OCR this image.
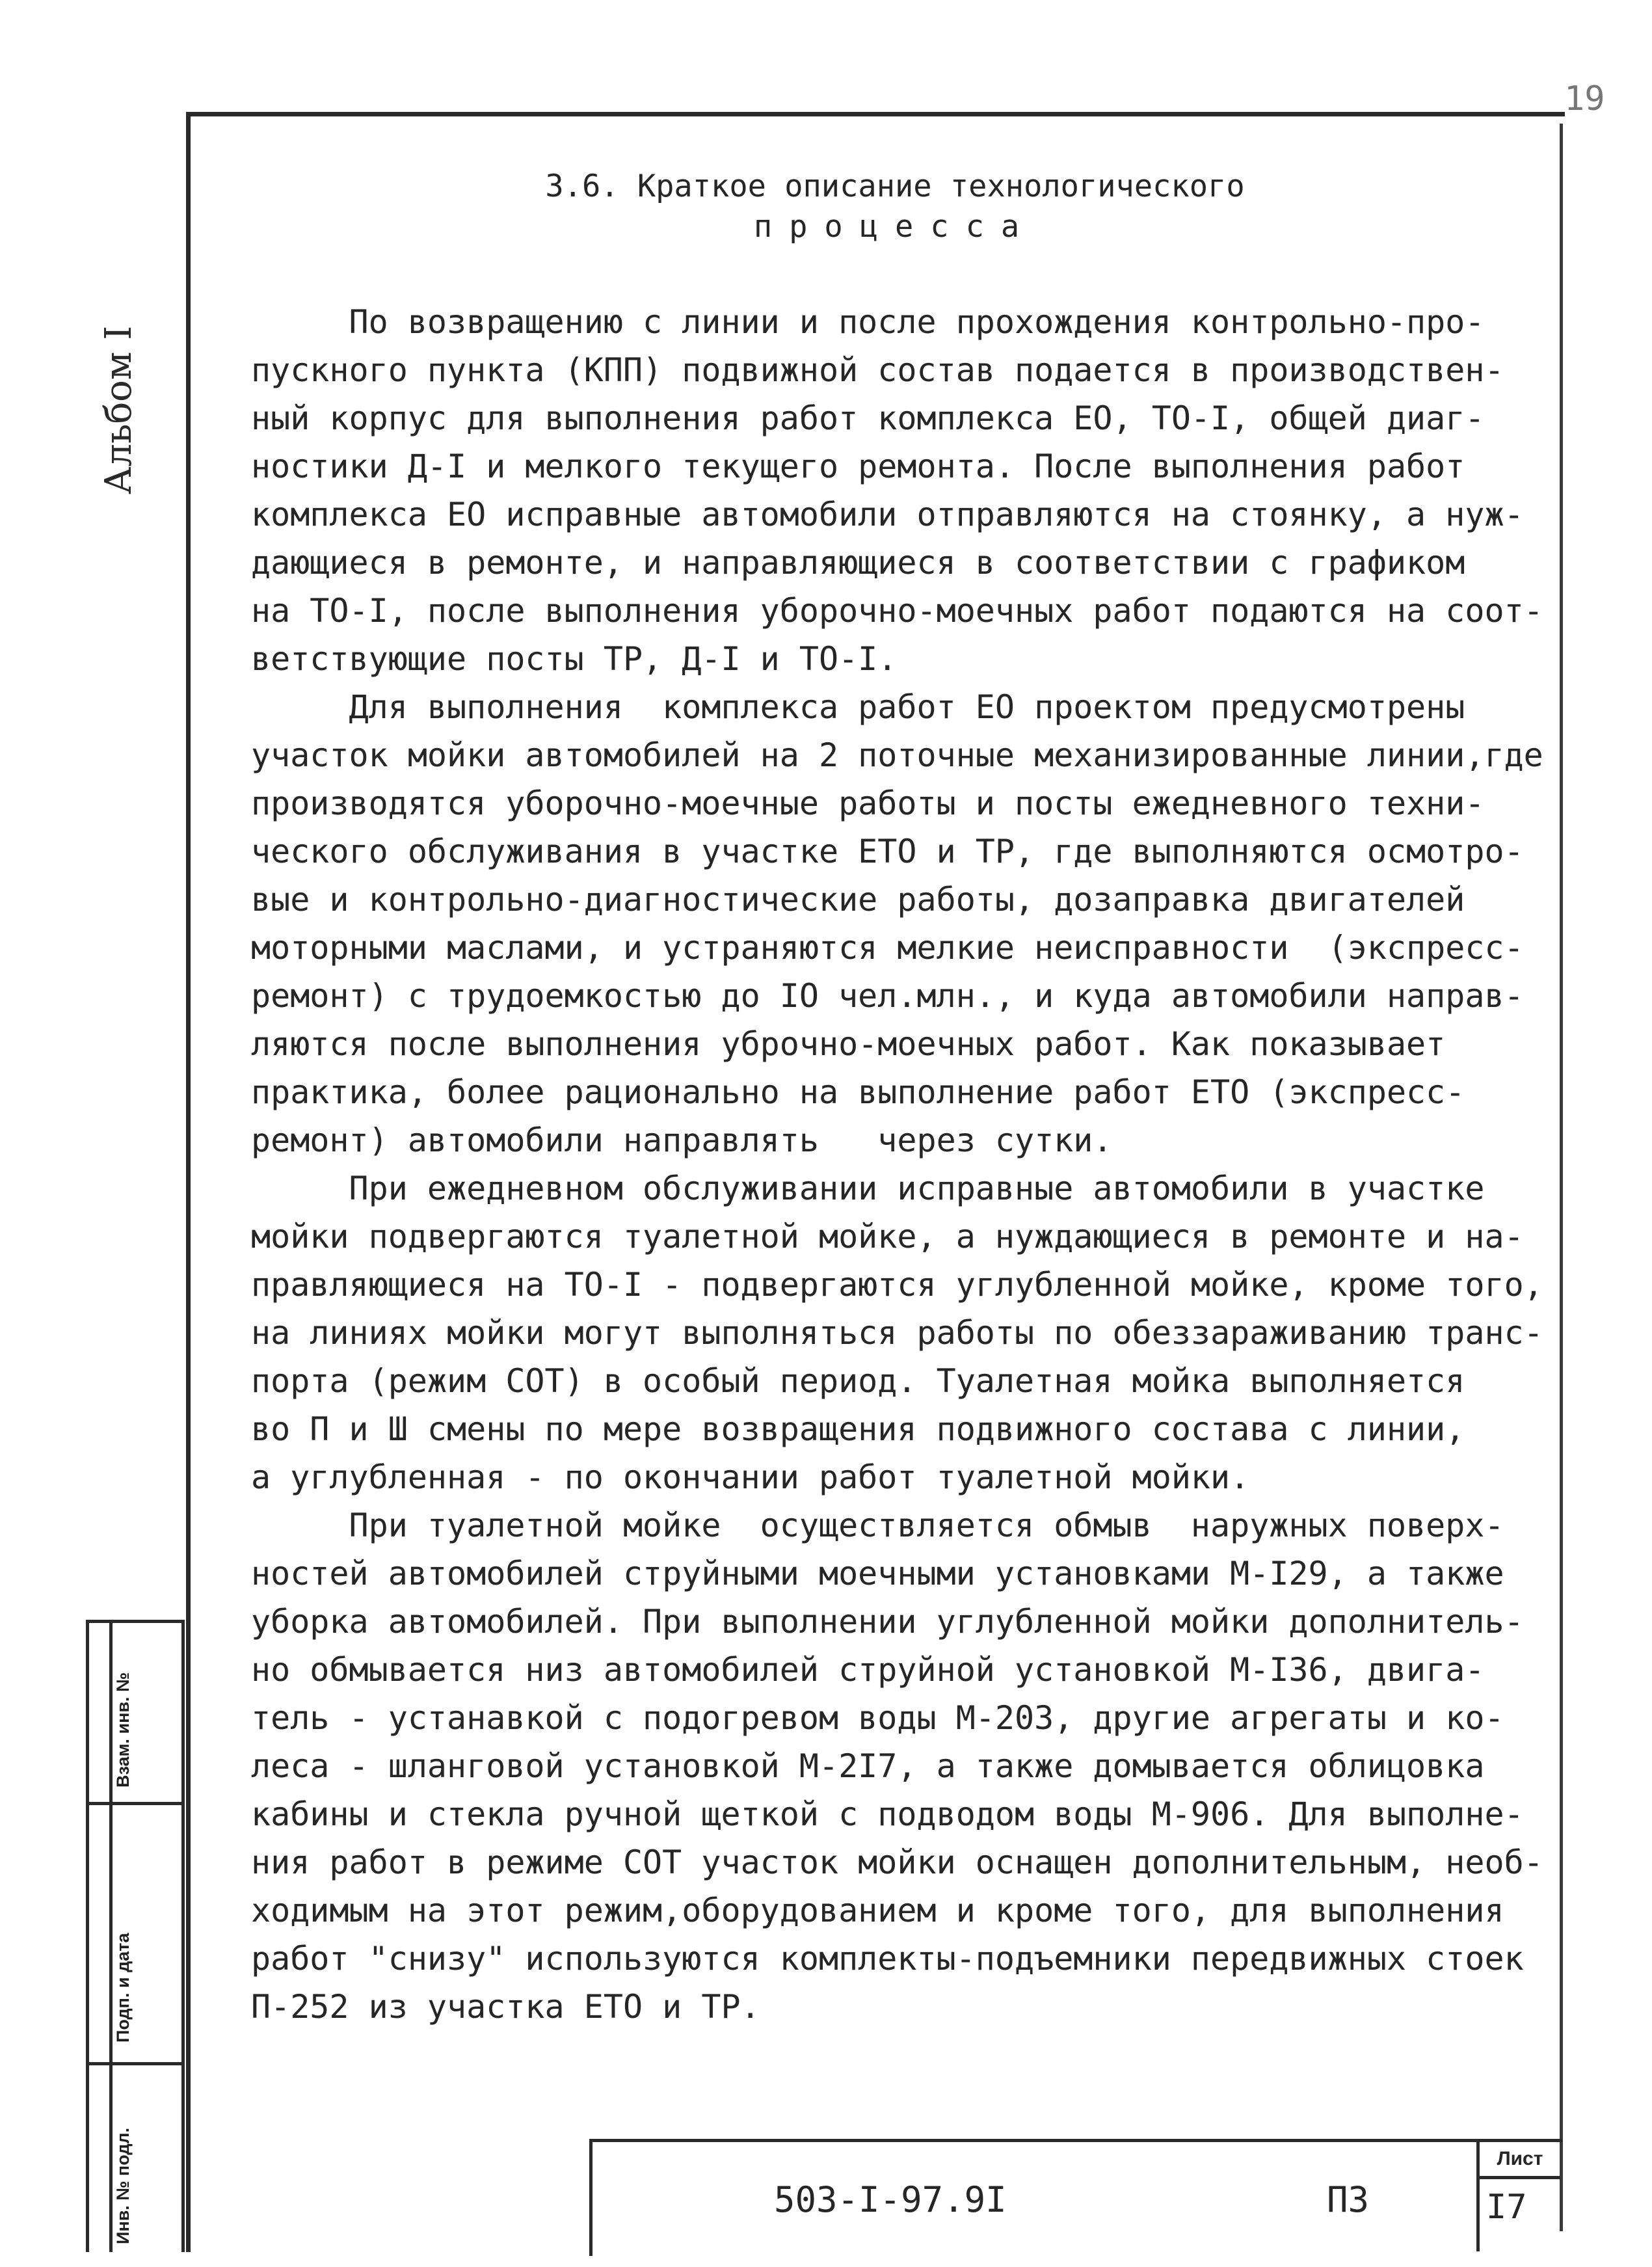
19
Альбом I
Взам. инв. №
Подп. и дата
Инв. № подл.
3.6. Краткое описание технологического
процесса

По возвращению с линии и после прохождения контрольно-про-
пускного пункта (КПП) подвижной состав подается в производствен-
ный корпус для выполнения работ комплекса ЕО, ТО-I, общей диаг-
ностики Д-I и мелкого текущего ремонта. После выполнения работ
комплекса ЕО исправные автомобили отправляются на стоянку, а нуж-
дающиеся в ремонте, и направляющиеся в соответствии с графиком
на ТО-I, после выполнения уборочно-моечных работ подаются на соот-
ветствующие посты ТР, Д-I и ТО-I.

Для выполнения  комплекса работ ЕО проектом предусмотрены
участок мойки автомобилей на 2 поточные механизированные линии,где
производятся уборочно-моечные работы и посты ежедневного техни-
ческого обслуживания в участке ЕТО и ТР, где выполняются осмотро-
вые и контрольно-диагностические работы, дозаправка двигателей
моторными маслами, и устраняются мелкие неисправности  (экспресс-
ремонт) с трудоемкостью до IO чел.млн., и куда автомобили направ-
ляются после выполнения уброчно-моечных работ. Как показывает
практика, более рационально на выполнение работ ЕТО (экспресс-
ремонт) автомобили направлять   через сутки.

При ежедневном обслуживании исправные автомобили в участке
мойки подвергаются туалетной мойке, а нуждающиеся в ремонте и на-
правляющиеся на ТО-I - подвергаются углубленной мойке, кроме того,
на линиях мойки могут выполняться работы по обеззараживанию транс-
порта (режим СОТ) в особый период. Туалетная мойка выполняется
во П и Ш смены по мере возвращения подвижного состава с линии,
а углубленная - по окончании работ туалетной мойки.

При туалетной мойке  осуществляется обмыв  наружных поверх-
ностей автомобилей струйными моечными установками М-I29, а также
уборка автомобилей. При выполнении углубленной мойки дополнитель-
но обмывается низ автомобилей струйной установкой М-I36, двига-
тель - устанавкой с подогревом воды М-203, другие агрегаты и ко-
леса - шланговой установкой М-2I7, а также домывается облицовка
кабины и стекла ручной щеткой с подводом воды М-906. Для выполне-
ния работ в режиме СОТ участок мойки оснащен дополнительным, необ-
ходимым на этот режим,оборудованием и кроме того, для выполнения
работ "снизу" используются комплекты-подъемники передвижных стоек
П-252 из участка ЕТО и ТР.

503-I-97.9I	ПЗ
Лист
I7
